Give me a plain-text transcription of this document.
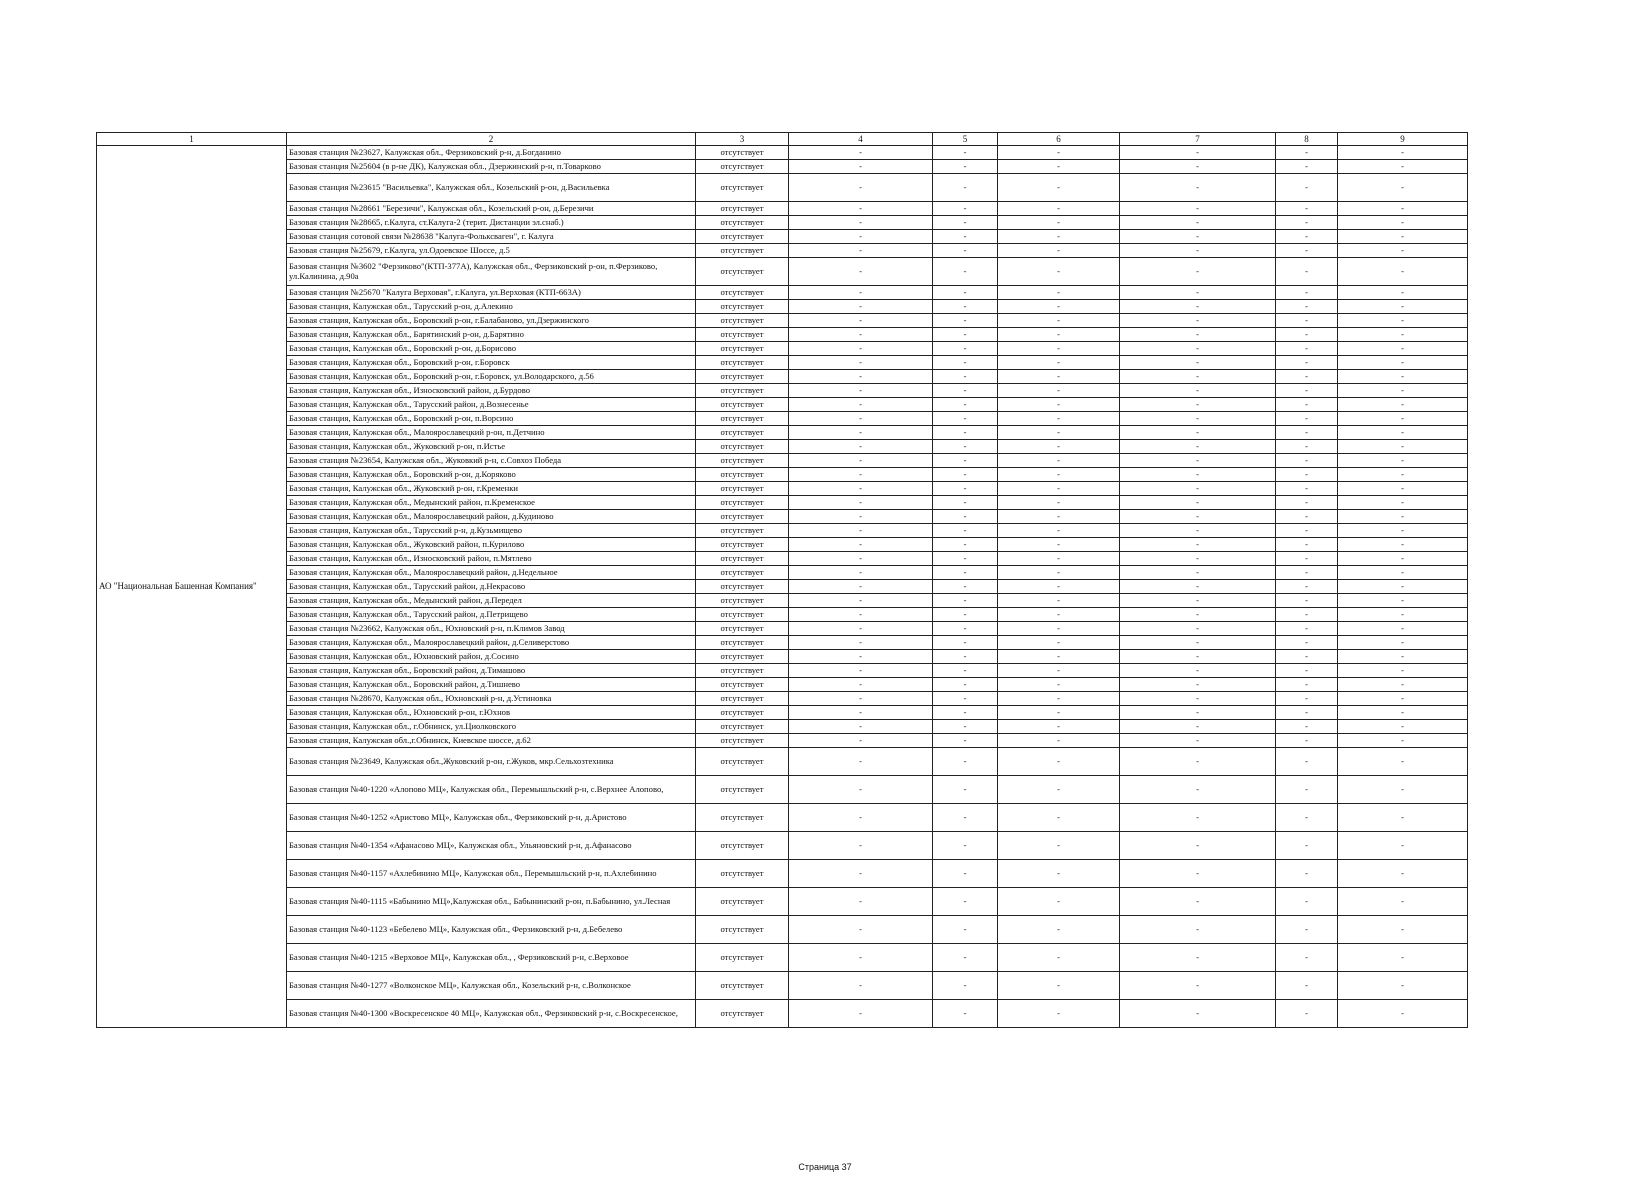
1	2	3	4	5	6	7	8	9
АО "Национальная Башенная Компания"	Базовая станция №23627, Калужская обл., Ферзиковский р-н, д.Богданино	отсутствует	-	-	-	-	-	-
	Базовая станция №25604 (в р-не ДК), Калужская обл., Дзержинский р-н, п.Товарково	отсутствует	-	-	-	-	-	-
	Базовая станция №23615 "Васильевка", Калужская обл., Козельский р-он, д.Васильевка	отсутствует	-	-	-	-	-	-
	Базовая станция №28661 "Березичи", Калужская обл., Козельский р-он, д.Березичи	отсутствует	-	-	-	-	-	-
	Базовая станция №28665, г.Калуга, ст.Калуга-2 (терит. Дистанции эл.снаб.)	отсутствует	-	-	-	-	-	-
	Базовая станция сотовой связи №28638 "Калуга-Фольксваген", г. Калуга	отсутствует	-	-	-	-	-	-
	Базовая станция №25679, г.Калуга, ул.Одоевское Шоссе, д.5	отсутствует	-	-	-	-	-	-
	Базовая станция №3602 "Ферзиково"(КТП-377А), Калужская обл., Ферзиковский р-он, п.Ферзиково, ул.Калинина, д.90а	отсутствует	-	-	-	-	-	-
	Базовая станция №25670 "Калуга Верховая", г.Калуга, ул.Верховая (КТП-663А)	отсутствует	-	-	-	-	-	-
	Базовая станция, Калужская обл., Тарусский р-он, д.Алекино	отсутствует	-	-	-	-	-	-
	Базовая станция, Калужская обл., Боровский р-он, г.Балабаново, ул.Дзержинского	отсутствует	-	-	-	-	-	-
	Базовая станция, Калужская обл., Барятинский р-он, д.Барятино	отсутствует	-	-	-	-	-	-
	Базовая станция, Калужская обл., Боровский р-он, д.Борисово	отсутствует	-	-	-	-	-	-
	Базовая станция, Калужская обл., Боровский р-он, г.Боровск	отсутствует	-	-	-	-	-	-
	Базовая станция, Калужская обл., Боровский р-он, г.Боровск, ул.Володарского, д.56	отсутствует	-	-	-	-	-	-
	Базовая станция, Калужская обл., Износковский район, д.Бурдово	отсутствует	-	-	-	-	-	-
	Базовая станция, Калужская обл., Тарусский район, д.Вознесенье	отсутствует	-	-	-	-	-	-
	Базовая станция, Калужская обл., Боровский р-он, п.Ворсино	отсутствует	-	-	-	-	-	-
	Базовая станция, Калужская обл., Малоярославецкий р-он, п.Детчино	отсутствует	-	-	-	-	-	-
	Базовая станция, Калужская обл., Жуковский р-он, п.Истье	отсутствует	-	-	-	-	-	-
	Базовая станция №23654, Калужская обл., Жуковкий р-н, с.Совхоз Победа	отсутствует	-	-	-	-	-	-
	Базовая станция, Калужская обл., Боровский р-он, д.Коряково	отсутствует	-	-	-	-	-	-
	Базовая станция, Калужская обл., Жуковский р-он, г.Кременки	отсутствует	-	-	-	-	-	-
	Базовая станция, Калужская обл., Медынский район, п.Кременское	отсутствует	-	-	-	-	-	-
	Базовая станция, Калужская обл., Малоярославецкий район, д.Кудиново	отсутствует	-	-	-	-	-	-
	Базовая станция, Калужская обл., Тарусский р-н, д.Кузьмищево	отсутствует	-	-	-	-	-	-
	Базовая станция, Калужская обл., Жуковский район, п.Куриловo	отсутствует	-	-	-	-	-	-
	Базовая станция, Калужская обл., Износковский район, п.Мятлево	отсутствует	-	-	-	-	-	-
	Базовая станция, Калужская обл., Малоярославецкий район, д.Недельное	отсутствует	-	-	-	-	-	-
	Базовая станция, Калужская обл., Тарусский район, д.Некрасово	отсутствует	-	-	-	-	-	-
	Базовая станция, Калужская обл., Медынский район, д.Передел	отсутствует	-	-	-	-	-	-
	Базовая станция, Калужская обл., Тарусский район, д.Петрищево	отсутствует	-	-	-	-	-	-
	Базовая станция №23662, Калужская обл., Юхновский р-н, п.Климов Завод	отсутствует	-	-	-	-	-	-
	Базовая станция, Калужская обл., Малоярославецкий район, д.Селиверстово	отсутствует	-	-	-	-	-	-
	Базовая станция, Калужская обл., Юхновский район, д.Сосино	отсутствует	-	-	-	-	-	-
	Базовая станция, Калужская обл., Боровский район, д.Тимашово	отсутствует	-	-	-	-	-	-
	Базовая станция, Калужская обл., Боровский район, д.Тишнево	отсутствует	-	-	-	-	-	-
	Базовая станция №28670, Калужская обл., Юхновский р-н, д.Устиновка	отсутствует	-	-	-	-	-	-
	Базовая станция, Калужская обл., Юхновский р-он, г.Юхнов	отсутствует	-	-	-	-	-	-
	Базовая станция, Калужская обл., г.Обнинск, ул.Циолковского	отсутствует	-	-	-	-	-	-
	Базовая станция, Калужская обл.,г.Обнинск, Киевское шоссе, д.62	отсутствует	-	-	-	-	-	-
	Базовая станция №23649, Калужская обл.,Жуковский р-он, г.Жуков, мкр.Сельхозтехника	отсутствует	-	-	-	-	-	-
	Базовая станция №40-1220 «Алопово МЦ», Калужская обл., Перемышльский р-н, с.Верхнее Алопово,	отсутствует	-	-	-	-	-	-
	Базовая станция №40-1252 «Аристово МЦ», Калужская обл., Ферзиковский р-н, д.Аристово	отсутствует	-	-	-	-	-	-
	Базовая станция №40-1354 «Афанасово МЦ», Калужская обл., Ульяновский р-н, д.Афанасово	отсутствует	-	-	-	-	-	-
	Базовая станция №40-1157 «Ахлебинино МЦ», Калужская обл., Перемышльский р-н, п.Ахлебинино	отсутствует	-	-	-	-	-	-
	Базовая станция №40-1115 «Бабынино МЦ»,Калужская обл., Бабынинский р-он, п.Бабынино, ул.Лесная	отсутствует	-	-	-	-	-	-
	Базовая станция №40-1123 «Бебелево МЦ», Калужская обл., Ферзиковский р-н, д.Бебелево	отсутствует	-	-	-	-	-	-
	Базовая станция №40-1215 «Верховое МЦ», Калужская обл., , Ферзиковский р-н, с.Верховое	отсутствует	-	-	-	-	-	-
	Базовая станция №40-1277 «Волконское МЦ», Калужская обл., Козельский р-н, с.Волконское	отсутствует	-	-	-	-	-	-
	Базовая станция №40-1300 «Воскресенское 40 МЦ», Калужская обл., Ферзиковский р-н, с.Воскресенское,	отсутствует	-	-	-	-	-	-
Страница 37
